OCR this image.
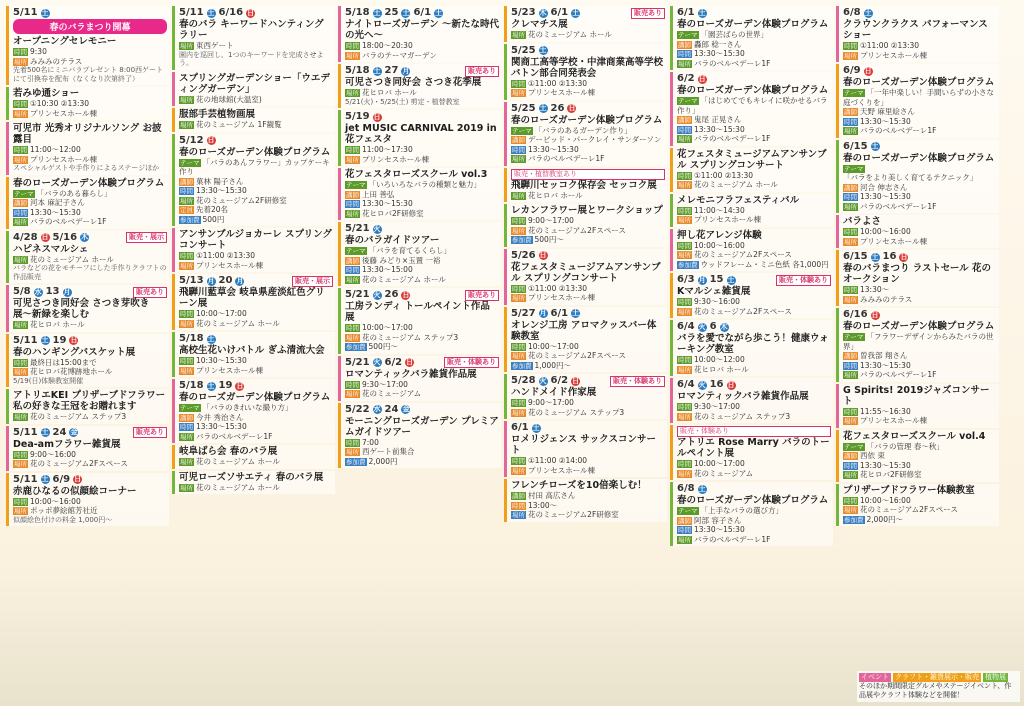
5/11 土
春のバラまつり開幕
オープニングセレモニー
時間 9:30
場所 みみみのテラス
先着500名にミニバラプレゼント 8:00西ゲートにて引換券を配布（なくなり次第終了）
若みゆ通ショー
時間 ①10:30 ②13:30
場所 プリンセスホール棟
可児市 光秀オリジナルソング お披露目
時間 11:00〜12:00
場所 プリンセスホール棟
スペシャルゲストや手作りによるステージほか
春のローズガーデン体験プログラム
テーマ 「バラのある暮らし」
講師 河本 麻記子さん
時間 13:30〜15:30
場所 バラのベルベデーレ1F
4/28 日 5/16 木	販売・展示
ハピネスマルシェ
場所 花のミュージアム ホール
バラなどの花をモチーフにした手作りクラフトの作品販売
5/8 水 13 月	販売あり
可児さつき同好会 さつき芽吹き展〜新緑を楽しむ
場所 花ヒロバ ホール
5/11 土 19 日
春のハンギングバスケット展
時間 最終日は15:00まで
場所 花ヒロバ花博跡地ホール
5/19(日)体験教室開催
アトリエKEI プリザーブドフラワー 私の好きな王冠をお贈れます
場所 花のミュージアム ステップ3
5/11 土 24 金	販売あり
Dea-amフラワー雑貨展
時間 9:00〜16:00
場所 花のミュージアム2Fスペース
5/11 土 6/9 日
赤鹿ひなるの似顔絵コーナー
時間 10:00〜16:00
場所 ポッポ夢絵館芳社近
似顔絵色付けの料金 1,000円〜
5/11 土 6/16 日
春のバラ キーワードハンティングラリー
場所 東西ゲート
園内を巡回し、1つのキーワードを完成させよう。
スプリングガーデンショー「ウエディングガーデン」
場所 花の地球館(大温室)
服部手芸植物画展
場所 花のミュージアム 1F観覧
5/12 日
春のローズガーデン体験プログラム
テーマ 「バラのあんフラワー」カップケーキ作り
講師 菓林 陽子さん
時間 13:30〜15:30
場所 花のミュージアム2F研修室
定員 先着20名
参加費 500円
アンサンブルジョカーレ スプリングコンサート
時間 ①11:00 ②13:30
場所 プリンセスホール棟
5/13 月 20 月	販売・展示
飛騨川藍草会 岐阜県産淡紅色グリーン展
時間 10:00〜17:00
場所 花のミュージアム ホール
5/18 土
高校生花いけバトル ぎふ清流大会
時間 10:30〜15:30
場所 プリンセスホール棟
5/18 土 19 日
春のローズガーデン体験プログラム
テーマ 「バラのきれいな撮り方」
講師 今井 秀治さん
時間 13:30〜15:30
場所 バラのベルベデーレ1F
岐阜ばら会 春のバラ展
場所 花のミュージアム ホール
可児ローズソサエティ 春のバラ展
場所 花のミュージアム ホール
5/18 土 25 土 6/1 土
ナイトローズガーデン 〜新たな時代の光へ〜
時間 18:00〜20:30
場所 バラのテーマガーデン
5/18 土 27 月	販売あり
可児さつき同好会 さつき花季展
場所 花ヒロバ ホール
5/21(火)・5/25(土) 剪定・植替教室
5/19 日
jet MUSIC CARNIVAL 2019 in 花フェスタ
時間 11:00〜17:30
場所 プリンセスホール棟
花フェスタローズスクール vol.3
テーマ 「いろいろなバラの種類と魅力」
講師 上田 善弘
時間 13:30〜15:30
場所 花ヒロバ2F研修室
5/21 火
春のバラガイドツアー
テーマ 「バラを育てるくらし」
講師 後藤 みどり×玉置 一裕
時間 13:30〜15:00
場所 花のミュージアム ホール
5/21 火 26 日	販売あり
工房ランディ トールペイント作品展
時間 10:00〜17:00
場所 花のミュージアム ステップ3
参加費 500円〜
5/21 火 6/2 日	販売・体験あり
ロマンティックバラ雑貨作品展
時間 9:30〜17:00
場所 花のミュージアム
5/22 水 24 金
モーニングローズガーデン プレミアムガイドツアー
時間 7:00
場所 西ゲート前集合
参加費 2,000円
5/23 木 6/1 土	販売あり
クレマチス展
場所 花のミュージアム ホール
5/25 土
関商工高等学校・中津商業高等学校 バトン部合同発表会
時間 ①11:00 ②13:30
場所 プリンセスホール棟
5/25 土 26 日
春のローズガーデン体験プログラム
テーマ 「バラのあるガーデン作り」
講師 デービッド・パークレイ・サンダーソン
時間 13:30〜15:30
場所 バラのベルベデーレ1F
販売・植替教室あり
飛騨川セッコク保存会 セッコク展
場所 花ヒロバ ホール
レカンフラワー展とワークショップ
時間 9:00〜17:00
場所 花のミュージアム2Fスペース
参加費 500円〜
5/26 日
花フェスタミュージアムアンサンブル スプリングコンサート
時間 ①11:00 ②13:30
場所 プリンセスホール棟
5/27 月 6/1 土
オレンジ工房 アロマクッスバー体験教室
時間 10:00〜17:00
場所 花のミュージアム2Fスペース
参加費 1,000円〜
5/28 火 6/2 日	販売・体験あり
ハンドメイド作家展
時間 9:00〜17:00
場所 花のミュージアム ステップ3
6/1 土
ロメリジェンス サックスコンサート
時間 ①11:00 ②14:00
場所 プリンセスホール棟
フレンチローズを10倍楽しむ！
講師 村田 高広さん
時間 13:00〜
場所 花のミュージアム2F研修室
6/1 土
春のローズガーデン体験プログラム
テーマ 「園芸ばらの世界」
講師 轟郎 稔一さん
時間 13:30〜15:30
場所 バラのベルベデーレ1F
6/2 日
春のローズガーデン体験プログラム
テーマ 「はじめてでもキレイに咲かせるバラ作り」
講師 鬼尾 正晃さん
時間 13:30〜15:30
場所 バラのベルベデーレ1F
花フェスタミュージアムアンサンブル スプリングコンサート
時間 ①11:00 ②13:30
場所 花のミュージアム ホール
メレモニフラフェスティバル
時間 11:00〜14:30
場所 プリンセスホール棟
押し花アレンジ体験
時間 10:00〜16:00
場所 花のミュージアム2Fスペース
参加費 ウッドフレーム・ミニ色紙 各1,000円
6/3 月 15 土	販売・体験あり
Kマルシェ雑貨展
時間 9:30〜16:00
場所 花のミュージアム2Fスペース
6/4 火 6 木
バラを愛でながら歩こう！健康ウォーキング教室
時間 10:00〜12:00
場所 花ヒロバ ホール
6/4 火 16 日
ロマンティックバラ雑貨作品展
時間 9:30〜17:00
場所 花のミュージアム ステップ3
販売・体験あり
アトリエ Rose Marry バラのトールペイント展
時間 10:00〜17:00
場所 花のミュージアム
6/8 土
春のローズガーデン体験プログラム
テーマ 「上手なバラの選び方」
講師 阿部 容子さん
時間 13:30〜15:30
場所 バラのベルベデーレ1F
6/8 土
クラウンクラクス パフォーマンスショー
時間 ①11:00 ②13:30
場所 プリンセスホール棟
6/9 日
春のローズガーデン体験プログラム
テーマ 「一年中楽しい！手間いらずの小さな庭づくりを」
講師 天野 麻里絵さん
時間 13:30〜15:30
場所 バラのベルベデーレ1F
6/15 土
春のローズガーデン体験プログラム
テーマ「バラをより美しく育てるテクニック」
講師 河合 伸志さん
時間 13:30〜15:30
場所 バラのベルベデーレ1F
バラよさ
時間 10:00〜16:00
場所 プリンセスホール棟
6/15 土 16 日
春のバラまつり ラストセール 花のオークション
時間 13:30〜
場所 みみみのテラス
6/16 日
春のローズガーデン体験プログラム
テーマ 「フラワーデザインからみたバラの世界」
講師 曽我部 翔さん
時間 13:30〜15:30
場所 バラのベルベデーレ1F
G Spirits! 2019ジャズコンサート
時間 11:55〜16:30
場所 プリンセスホール棟
花フェスタローズスクール vol.4
テーマ 「バラの管理 春〜秋」
講師 西依 束
時間 13:30〜15:30
場所 花ヒロバ2F研修室
プリザーブドフラワー体験教室
時間 10:00〜16:00
場所 花のミュージアム2Fスペース
参加費 2,000円〜
イベント クラフト・雑貨展示・販売 植物展
そのほか期間限定グルメやステージイベント、作品展やクラフト体験などを開催！
